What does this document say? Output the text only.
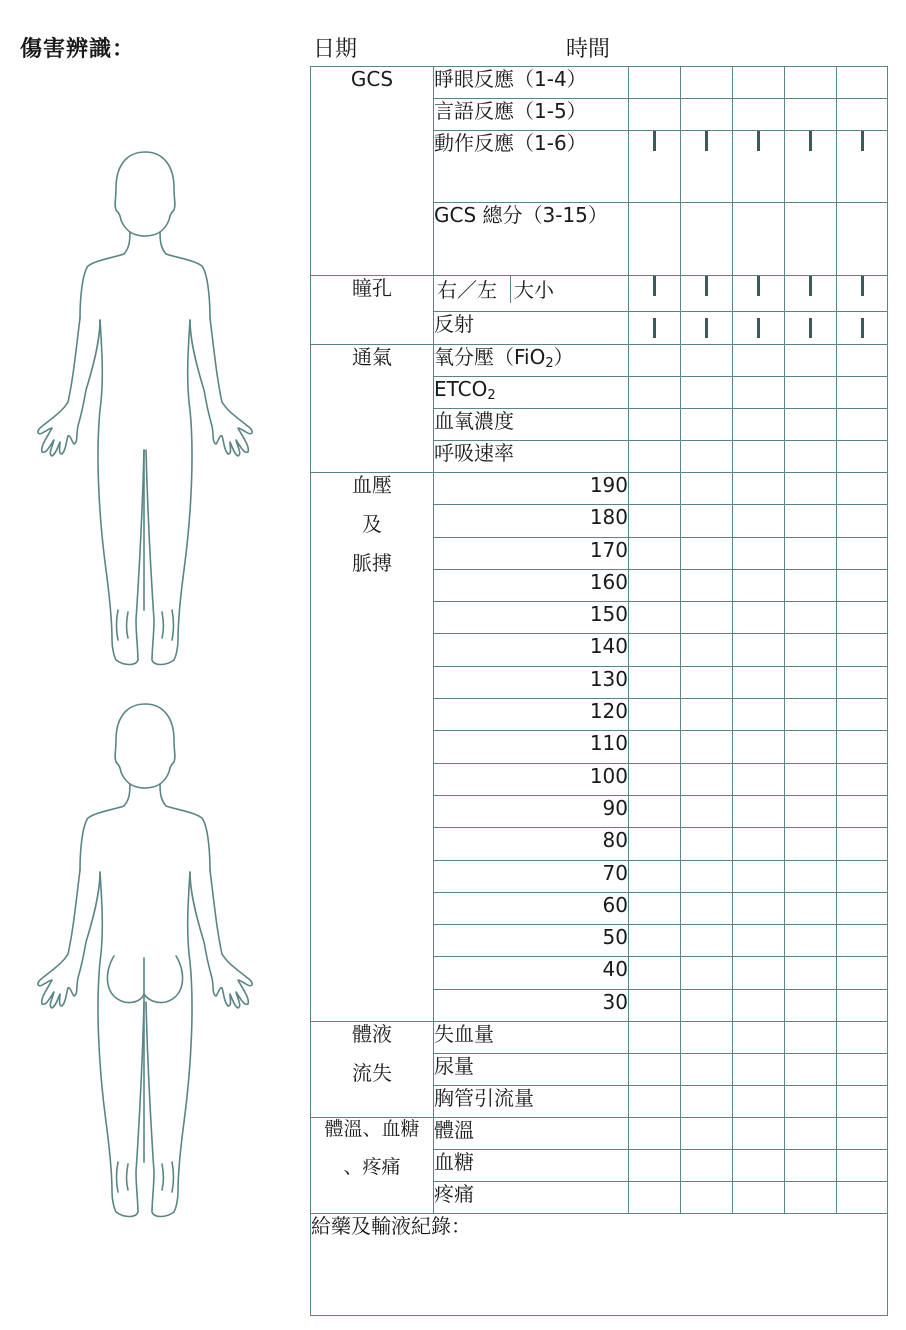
傷害辨識：	日期	時間
GCS	睜眼反應（1-4）					
	言語反應（1-5）					
	動作反應（1-6）					
	GCS 總分（3-15）					
瞳孔	右／左 大小					

	反射					
通氣	氧分壓（FiO$_2$）					
	$ETCO_2$					
	血氧濃度					
	呼吸速率					

血壓
及
脈搏	190					
	180					
	170					
	160					
	150					
	140					
	130					
	120					
	110					
	100					
	90					
	80					
	70					
	60					
	50					
	40					
	30					

體液
流失	失血量					
	尿量					
	胸管引流量					

體溫、血糖
、疼痛	體溫					
	血糖					
	疼痛					
給藥及輸液紀錄：						
